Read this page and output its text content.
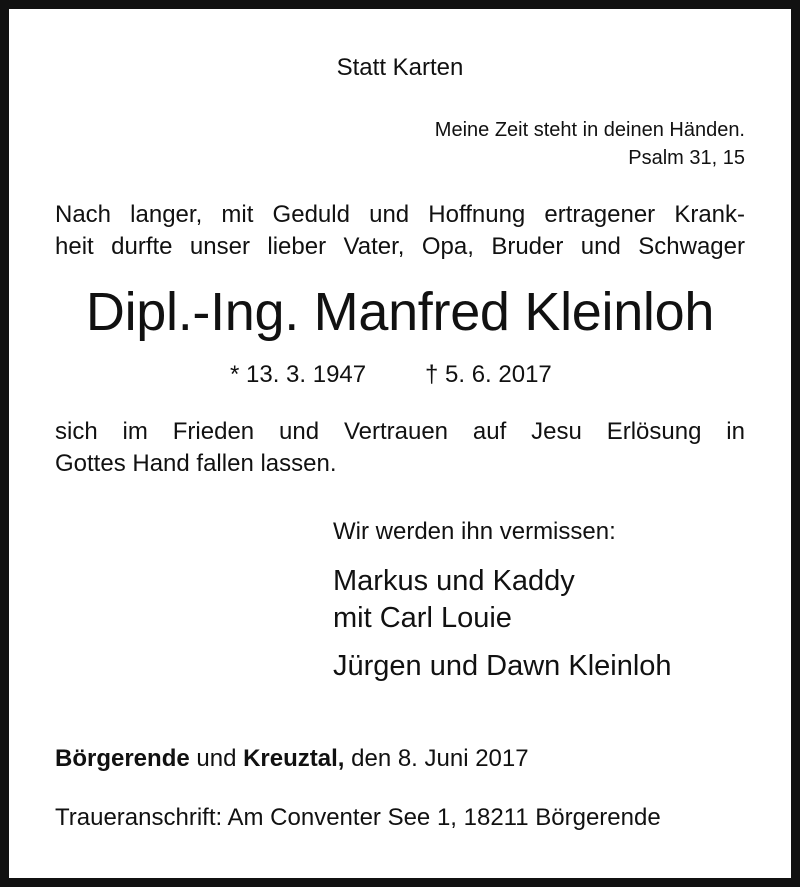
Statt Karten
Meine Zeit steht in deinen Händen.
Psalm 31, 15
Nach langer, mit Geduld und Hoffnung ertragener Krank-
heit durfte unser lieber Vater, Opa, Bruder und Schwager
Dipl.-Ing. Manfred Kleinloh
* 13. 3. 1947 † 5. 6. 2017
sich im Frieden und Vertrauen auf Jesu Erlösung in
Gottes Hand fallen lassen.
Wir werden ihn vermissen:
Markus und Kaddy
mit Carl Louie
Jürgen und Dawn Kleinloh
Börgerende und Kreuztal, den 8. Juni 2017
Traueranschrift: Am Conventer See 1, 18211 Börgerende
